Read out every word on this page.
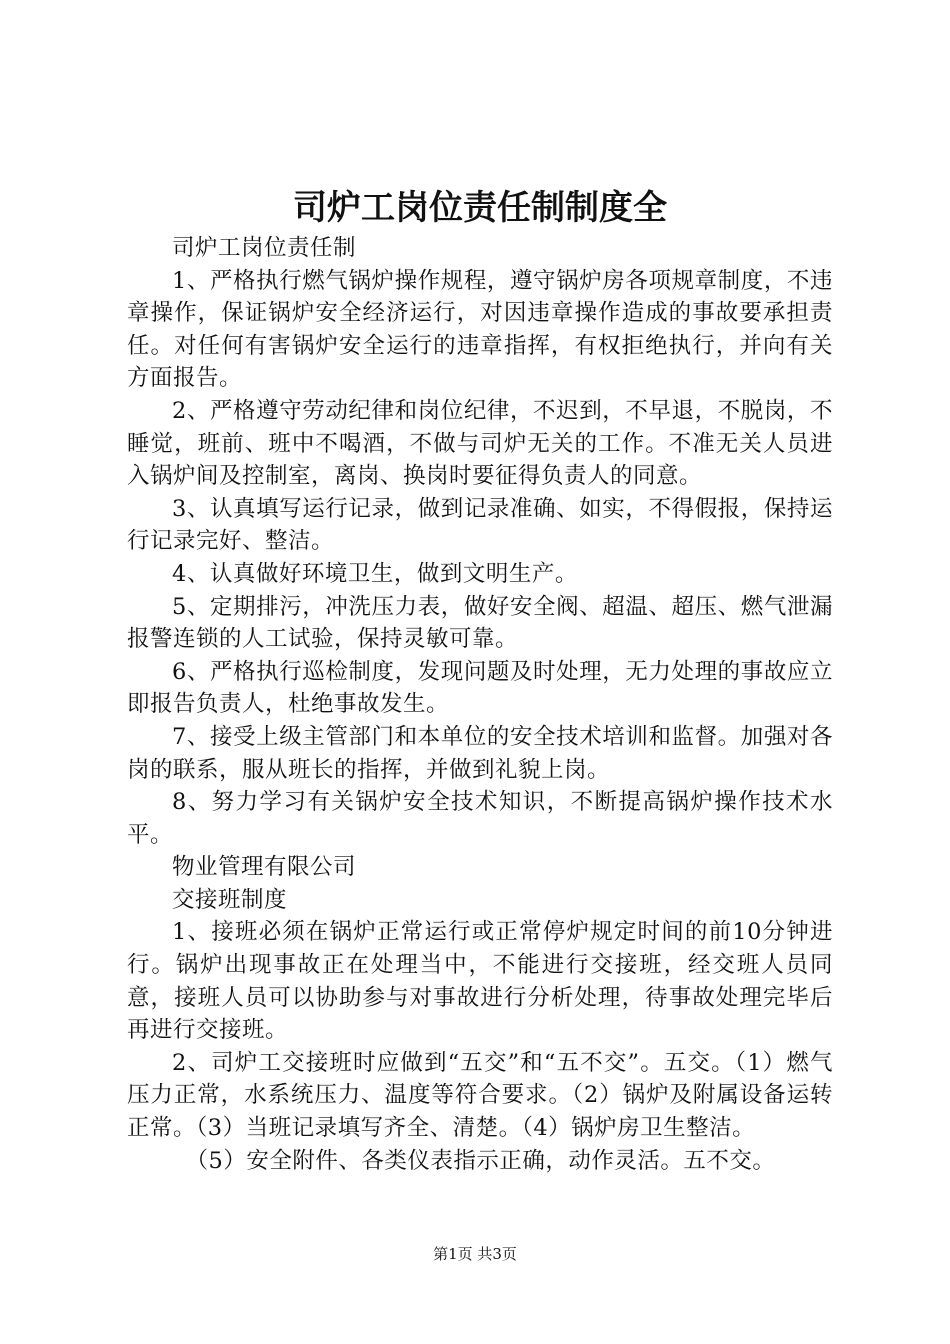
司炉工岗位责任制制度全

司炉工岗位责任制

1、严格执行燃气锅炉操作规程，遵守锅炉房各项规章制度，不违章操作，保证锅炉安全经济运行，对因违章操作造成的事故要承担责任。对任何有害锅炉安全运行的违章指挥，有权拒绝执行，并向有关方面报告。

2、严格遵守劳动纪律和岗位纪律，不迟到，不早退，不脱岗，不睡觉，班前、班中不喝酒，不做与司炉无关的工作。不准无关人员进入锅炉间及控制室，离岗、换岗时要征得负责人的同意。

3、认真填写运行记录，做到记录准确、如实，不得假报，保持运行记录完好、整洁。

4、认真做好环境卫生，做到文明生产。

5、定期排污，冲洗压力表，做好安全阀、超温、超压、燃气泄漏报警连锁的人工试验，保持灵敏可靠。

6、严格执行巡检制度，发现问题及时处理，无力处理的事故应立即报告负责人，杜绝事故发生。

7、接受上级主管部门和本单位的安全技术培训和监督。加强对各岗的联系，服从班长的指挥，并做到礼貌上岗。

8、努力学习有关锅炉安全技术知识，不断提高锅炉操作技术水平。

物业管理有限公司

交接班制度

1、接班必须在锅炉正常运行或正常停炉规定时间的前10分钟进行。锅炉出现事故正在处理当中，不能进行交接班，经交班人员同意，接班人员可以协助参与对事故进行分析处理，待事故处理完毕后再进行交接班。

2、司炉工交接班时应做到“五交”和“五不交”。五交。（1）燃气压力正常，水系统压力、温度等符合要求。（2）锅炉及附属设备运转正常。（3）当班记录填写齐全、清楚。（4）锅炉房卫生整洁。

（5）安全附件、各类仪表指示正确，动作灵活。五不交。

第1页 共3页
